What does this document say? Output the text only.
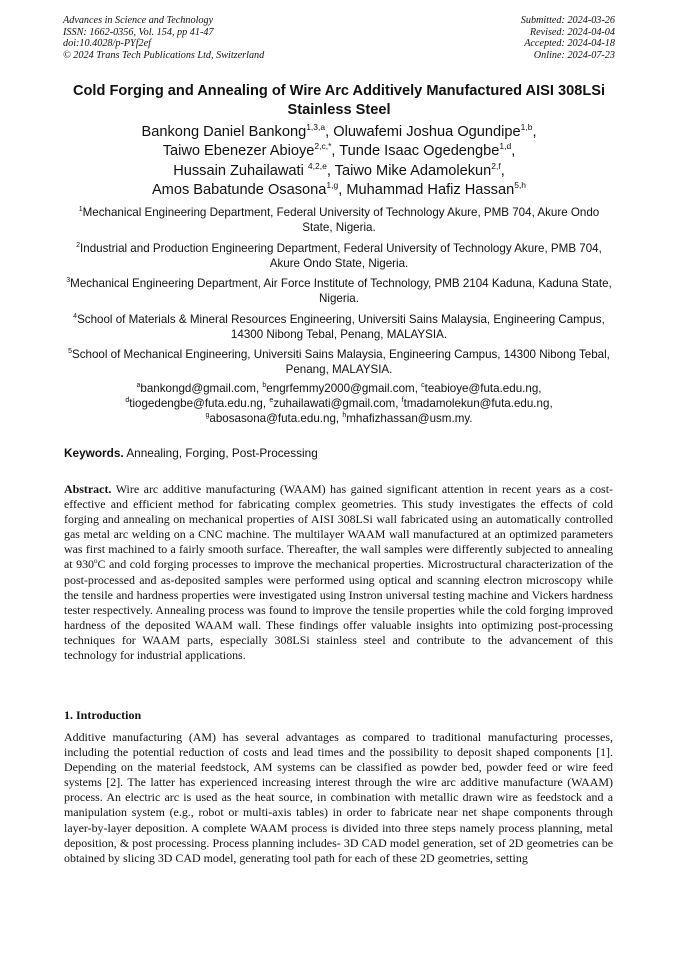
Advances in Science and Technology
ISSN: 1662-0356, Vol. 154, pp 41-47
doi:10.4028/p-PYf2ef
© 2024 Trans Tech Publications Ltd, Switzerland
Submitted: 2024-03-26
Revised: 2024-04-04
Accepted: 2024-04-18
Online: 2024-07-23
Cold Forging and Annealing of Wire Arc Additively Manufactured AISI 308LSi Stainless Steel
Bankong Daniel Bankong$^{1,3,a}$, Oluwafemi Joshua Ogundipe$^{1,b}$,
Taiwo Ebenezer Abioye$^{2,c,*}$, Tunde Isaac Ogedengbe$^{1,d}$,
Hussain Zuhailawati $^{4,2,e}$, Taiwo Mike Adamolekun$^{2,f}$,
Amos Babatunde Osasona$^{1,g}$, Muhammad Hafiz Hassan$^{5,h}$
$^1$Mechanical Engineering Department, Federal University of Technology Akure, PMB 704, Akure Ondo State, Nigeria.
$^2$Industrial and Production Engineering Department, Federal University of Technology Akure, PMB 704, Akure Ondo State, Nigeria.
$^3$Mechanical Engineering Department, Air Force Institute of Technology, PMB 2104 Kaduna, Kaduna State, Nigeria.
$^4$School of Materials & Mineral Resources Engineering, Universiti Sains Malaysia, Engineering Campus, 14300 Nibong Tebal, Penang, MALAYSIA.
$^5$School of Mechanical Engineering, Universiti Sains Malaysia, Engineering Campus, 14300 Nibong Tebal, Penang, MALAYSIA.
$^a$bankongd@gmail.com, $^b$engrfemmy2000@gmail.com, $^c$teabioye@futa.edu.ng,
$^d$tiogedengbe@futa.edu.ng, $^e$zuhailawati@gmail.com, $^f$tmadamolekun@futa.edu.ng,
$^g$abosasona@futa.edu.ng, $^h$mhafizhassan@usm.my.
Keywords. Annealing, Forging, Post-Processing

Abstract. Wire arc additive manufacturing (WAAM) has gained significant attention in recent years as a cost-effective and efficient method for fabricating complex geometries. This study investigates the effects of cold forging and annealing on mechanical properties of AISI 308LSi wall fabricated using an automatically controlled gas metal arc welding on a CNC machine. The multilayer WAAM wall manufactured at an optimized parameters was first machined to a fairly smooth surface. Thereafter, the wall samples were differently subjected to annealing at 930$^o$C and cold forging processes to improve the mechanical properties. Microstructural characterization of the post-processed and as-deposited samples were performed using optical and scanning electron microscopy while the tensile and hardness properties were investigated using Instron universal testing machine and Vickers hardness tester respectively. Annealing process was found to improve the tensile properties while the cold forging improved hardness of the deposited WAAM wall. These findings offer valuable insights into optimizing post-processing techniques for WAAM parts, especially 308LSi stainless steel and contribute to the advancement of this technology for industrial applications.

1. Introduction

Additive manufacturing (AM) has several advantages as compared to traditional manufacturing processes, including the potential reduction of costs and lead times and the possibility to deposit shaped components [1]. Depending on the material feedstock, AM systems can be classified as powder bed, powder feed or wire feed systems [2]. The latter has experienced increasing interest through the wire arc additive manufacture (WAAM) process. An electric arc is used as the heat source, in combination with metallic drawn wire as feedstock and a manipulation system (e.g., robot or multi-axis tables) in order to fabricate near net shape components through layer-by-layer deposition. A complete WAAM process is divided into three steps namely process planning, metal deposition, & post processing. Process planning includes- 3D CAD model generation, set of 2D geometries can be obtained by slicing 3D CAD model, generating tool path for each of these 2D geometries, setting
